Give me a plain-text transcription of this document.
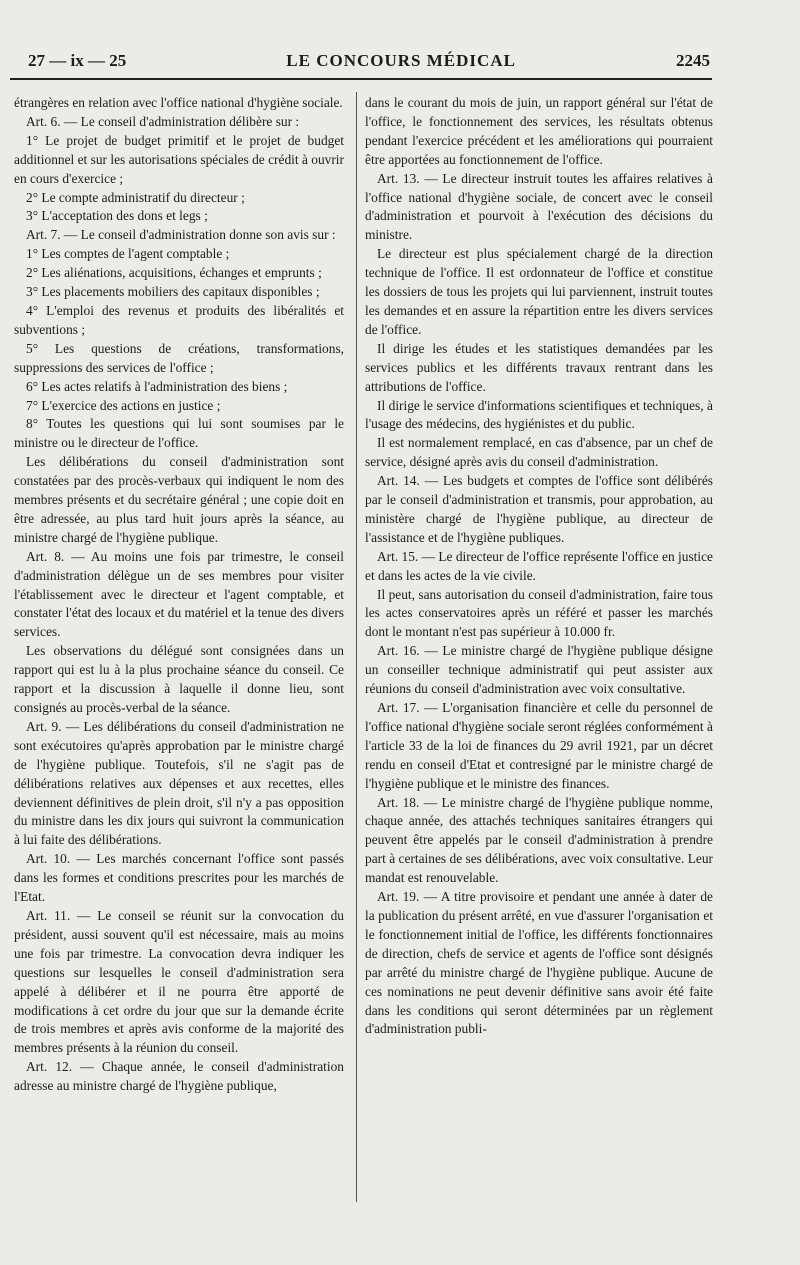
27 — ix — 25	LE CONCOURS MÉDICAL	2245

étrangères en relation avec l'office national d'hygiène sociale.

Art. 6. — Le conseil d'administration délibère sur :

1° Le projet de budget primitif et le projet de budget additionnel et sur les autorisations spéciales de crédit à ouvrir en cours d'exercice ;

2° Le compte administratif du directeur ;

3° L'acceptation des dons et legs ;

Art. 7. — Le conseil d'administration donne son avis sur :

1° Les comptes de l'agent comptable ;

2° Les aliénations, acquisitions, échanges et emprunts ;

3° Les placements mobiliers des capitaux disponibles ;

4° L'emploi des revenus et produits des libéralités et subventions ;

5° Les questions de créations, transformations, suppressions des services de l'office ;

6° Les actes relatifs à l'administration des biens ;

7° L'exercice des actions en justice ;

8° Toutes les questions qui lui sont soumises par le ministre ou le directeur de l'office.

Les délibérations du conseil d'administration sont constatées par des procès-verbaux qui indiquent le nom des membres présents et du secrétaire général ; une copie doit en être adressée, au plus tard huit jours après la séance, au ministre chargé de l'hygiène publique.

Art. 8. — Au moins une fois par trimestre, le conseil d'administration délègue un de ses membres pour visiter l'établissement avec le directeur et l'agent comptable, et constater l'état des locaux et du matériel et la tenue des divers services.

Les observations du délégué sont consignées dans un rapport qui est lu à la plus prochaine séance du conseil. Ce rapport et la discussion à laquelle il donne lieu, sont consignés au procès-verbal de la séance.

Art. 9. — Les délibérations du conseil d'administration ne sont exécutoires qu'après approbation par le ministre chargé de l'hygiène publique. Toutefois, s'il ne s'agit pas de délibérations relatives aux dépenses et aux recettes, elles deviennent définitives de plein droit, s'il n'y a pas opposition du ministre dans les dix jours qui suivront la communication à lui faite des délibérations.

Art. 10. — Les marchés concernant l'office sont passés dans les formes et conditions prescrites pour les marchés de l'Etat.

Art. 11. — Le conseil se réunit sur la convocation du président, aussi souvent qu'il est nécessaire, mais au moins une fois par trimestre. La convocation devra indiquer les questions sur lesquelles le conseil d'administration sera appelé à délibérer et il ne pourra être apporté de modifications à cet ordre du jour que sur la demande écrite de trois membres et après avis conforme de la majorité des membres présents à la réunion du conseil.

Art. 12. — Chaque année, le conseil d'administration adresse au ministre chargé de l'hygiène publique,

dans le courant du mois de juin, un rapport général sur l'état de l'office, le fonctionnement des services, les résultats obtenus pendant l'exercice précédent et les améliorations qui pourraient être apportées au fonctionnement de l'office.

Art. 13. — Le directeur instruit toutes les affaires relatives à l'office national d'hygiène sociale, de concert avec le conseil d'administration et pourvoit à l'exécution des décisions du ministre.

Le directeur est plus spécialement chargé de la direction technique de l'office. Il est ordonnateur de l'office et constitue les dossiers de tous les projets qui lui parviennent, instruit toutes les demandes et en assure la répartition entre les divers services de l'office.

Il dirige les études et les statistiques demandées par les services publics et les différents travaux rentrant dans les attributions de l'office.

Il dirige le service d'informations scientifiques et techniques, à l'usage des médecins, des hygiénistes et du public.

Il est normalement remplacé, en cas d'absence, par un chef de service, désigné après avis du conseil d'administration.

Art. 14. — Les budgets et comptes de l'office sont délibérés par le conseil d'administration et transmis, pour approbation, au ministère chargé de l'hygiène publique, au directeur de l'assistance et de l'hygiène publiques.

Art. 15. — Le directeur de l'office représente l'office en justice et dans les actes de la vie civile.

Il peut, sans autorisation du conseil d'administration, faire tous les actes conservatoires après un référé et passer les marchés dont le montant n'est pas supérieur à 10.000 fr.

Art. 16. — Le ministre chargé de l'hygiène publique désigne un conseiller technique administratif qui peut assister aux réunions du conseil d'administration avec voix consultative.

Art. 17. — L'organisation financière et celle du personnel de l'office national d'hygiène sociale seront réglées conformément à l'article 33 de la loi de finances du 29 avril 1921, par un décret rendu en conseil d'Etat et contresigné par le ministre chargé de l'hygiène publique et le ministre des finances.

Art. 18. — Le ministre chargé de l'hygiène publique nomme, chaque année, des attachés techniques sanitaires étrangers qui peuvent être appelés par le conseil d'administration à prendre part à certaines de ses délibérations, avec voix consultative. Leur mandat est renouvelable.

Art. 19. — A titre provisoire et pendant une année à dater de la publication du présent arrêté, en vue d'assurer l'organisation et le fonctionnement initial de l'office, les différents fonctionnaires de direction, chefs de service et agents de l'office sont désignés par arrêté du ministre chargé de l'hygiène publique. Aucune de ces nominations ne peut devenir définitive sans avoir été faite dans les conditions qui seront déterminées par un règlement d'administration publi-
